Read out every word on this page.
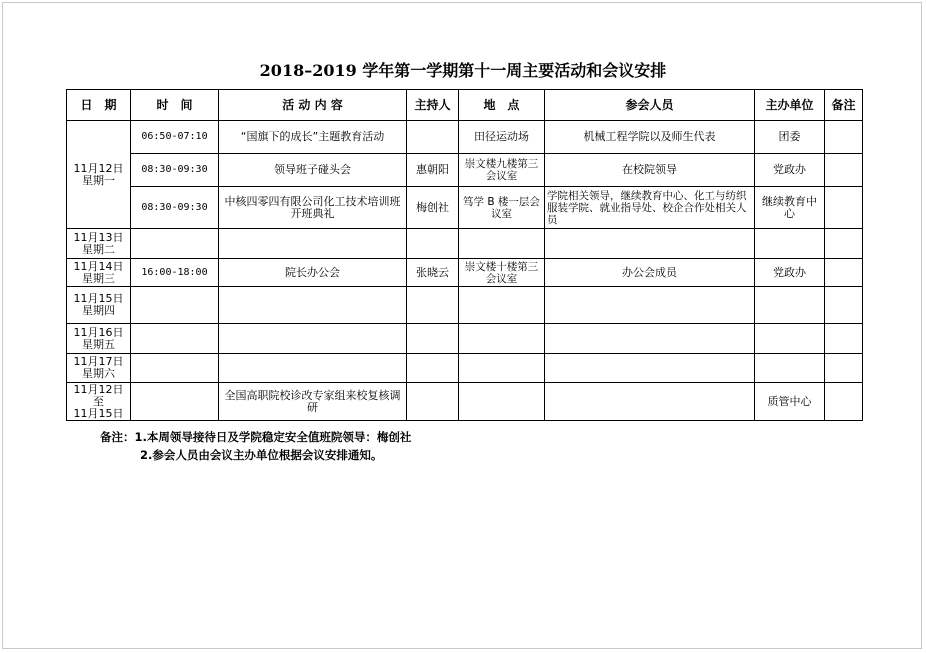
2018–2019 学年第一学期第十一周主要活动和会议安排
日　期	时　间	活 动 内 容	主持人	地　点	参会人员	主办单位	备注

11月12日
星期一	06:50-07:10	“国旗下的成长”主题教育活动		田径运动场	机械工程学院以及师生代表	团委	
	08:30-09:30	领导班子碰头会	惠朝阳	崇文楼九楼第三会议室	在校院领导	党政办	
	08:30-09:30	中核四零四有限公司化工技术培训班开班典礼	梅创社	笃学 B 楼一层会议室	学院相关领导，继续教育中心、化工与纺织服装学院、就业指导处、校企合作处相关人员	继续教育中心	

11月13日
星期二							

11月14日
星期三	16:00-18:00	院长办公会	张晓云	崇文楼十楼第三会议室	办公会成员	党政办	

11月15日
星期四							

11月16日
星期五							

11月17日
星期六							

11月12日
至
11月15日		全国高职院校诊改专家组来校复核调研				质管中心	
备注：1.本周领导接待日及学院稳定安全值班院领导：梅创社
2.参会人员由会议主办单位根据会议安排通知。
